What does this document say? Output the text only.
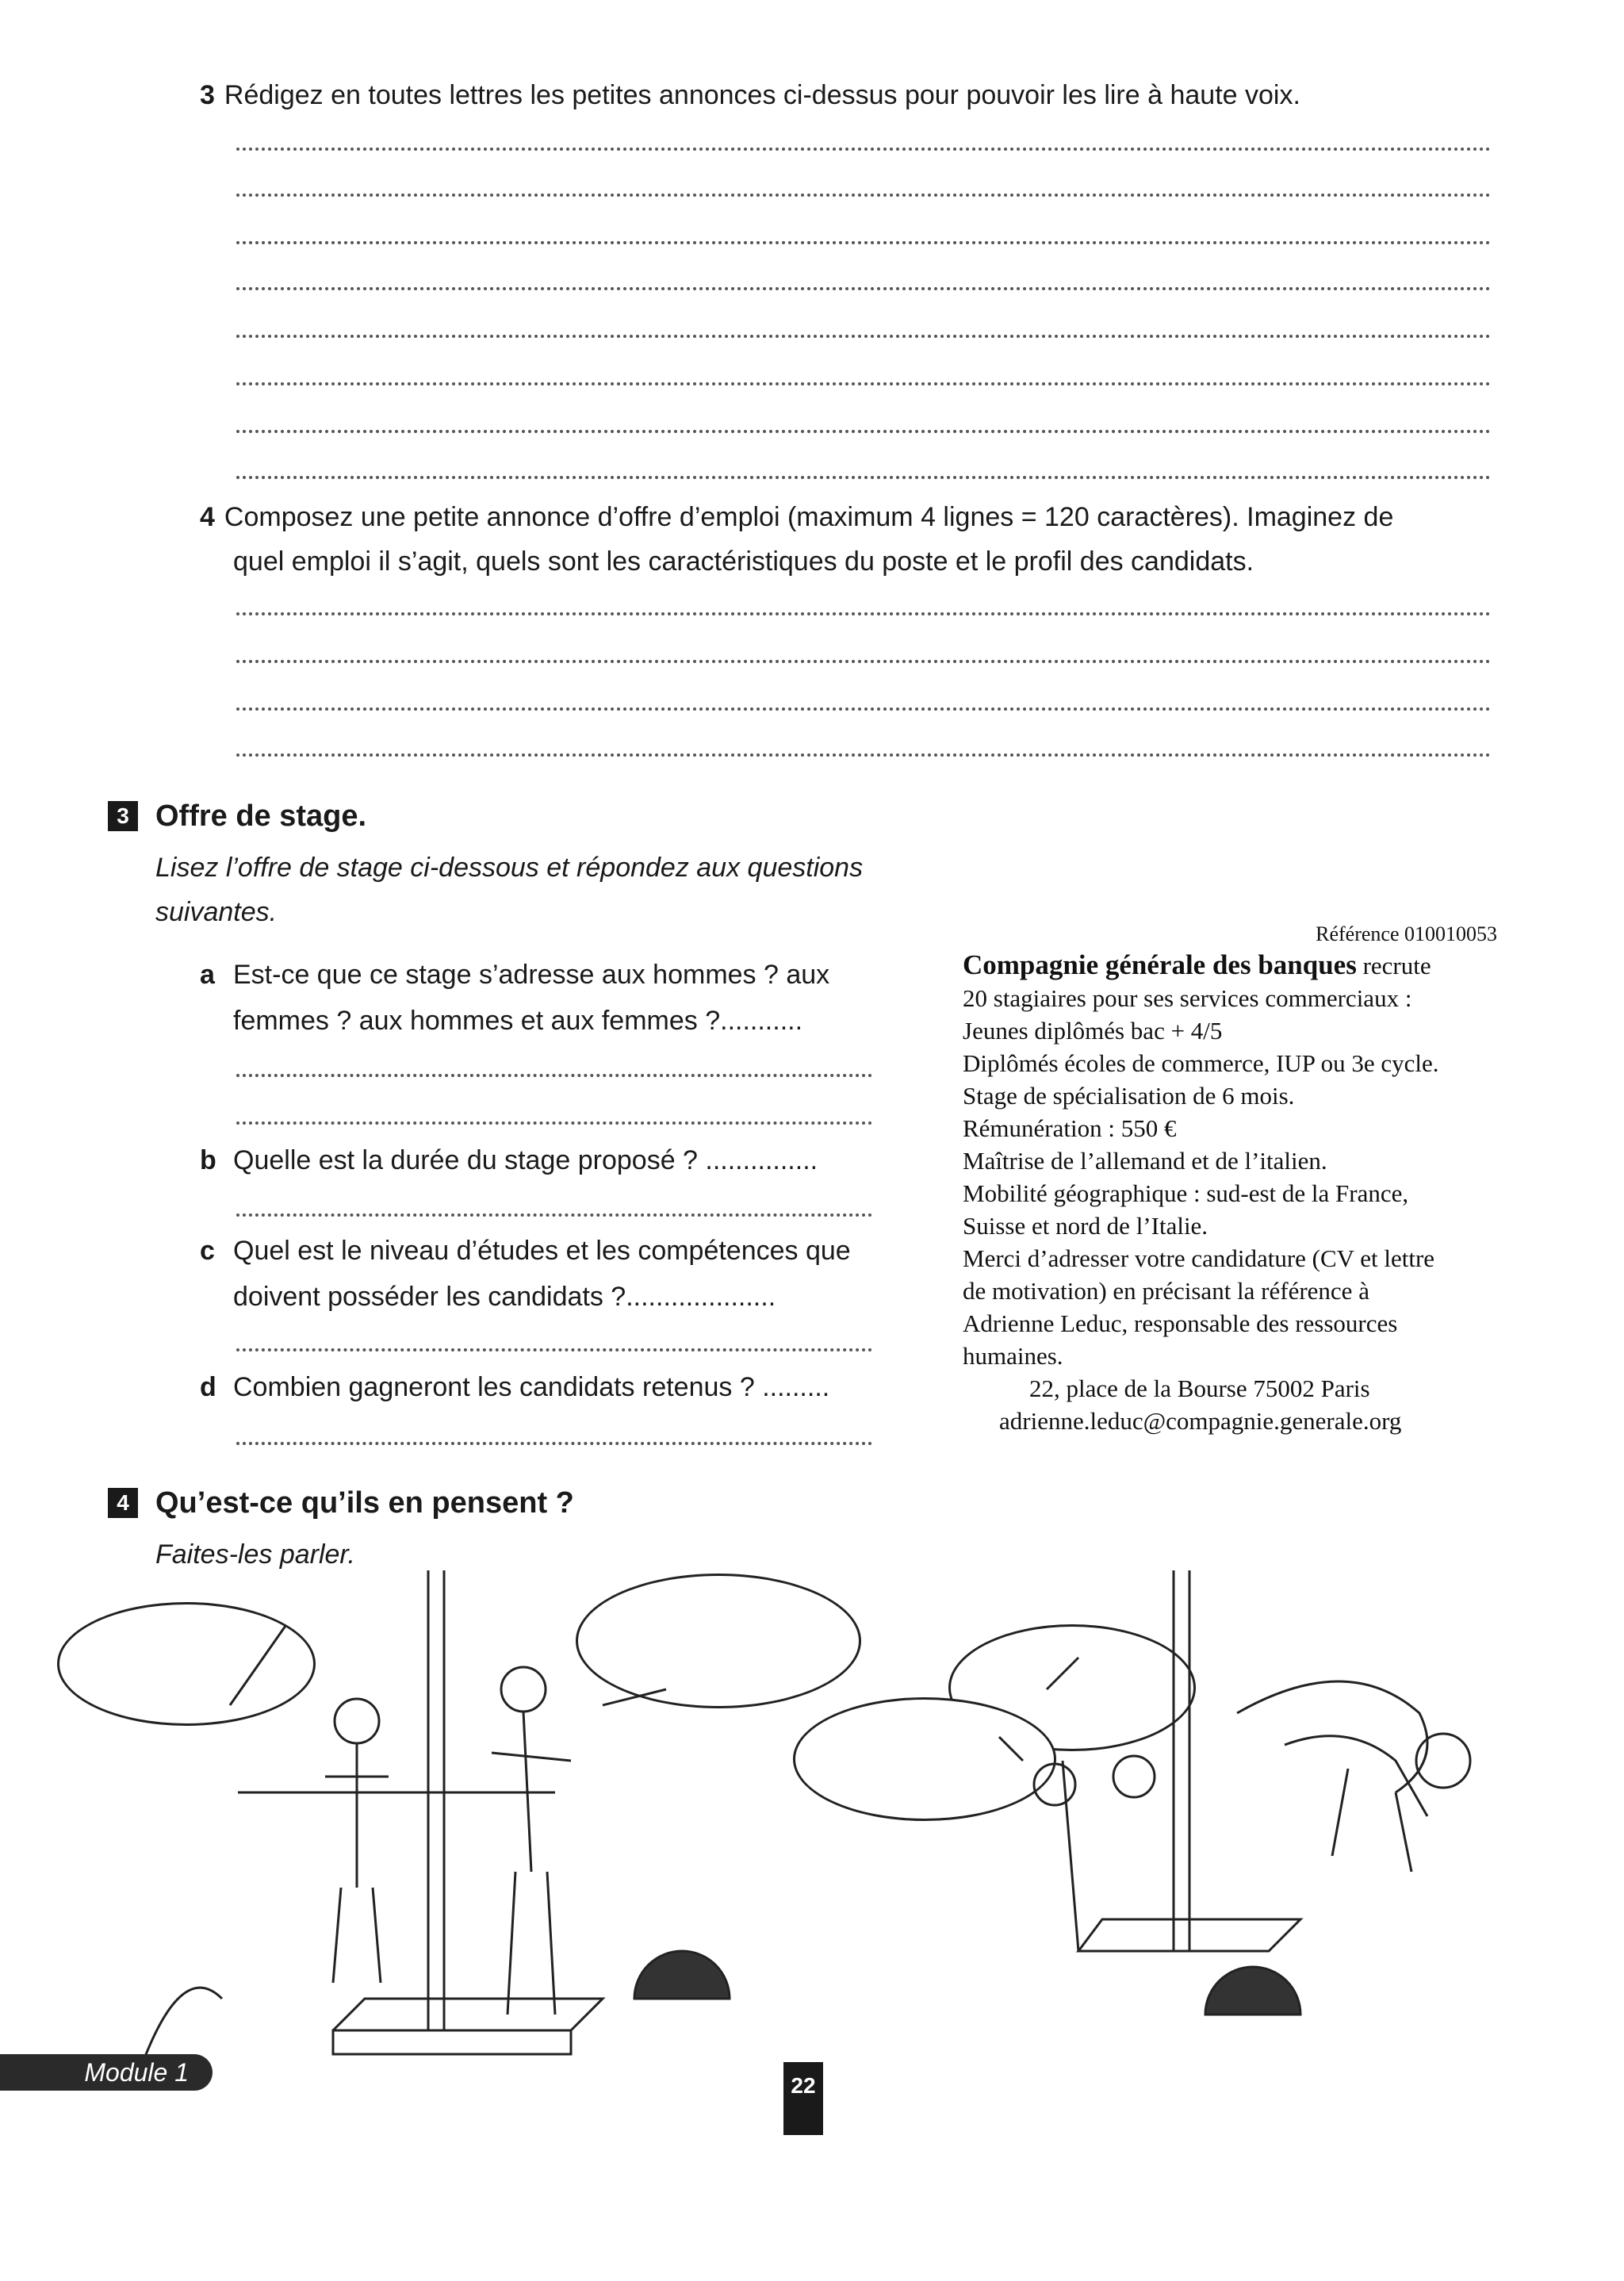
3 Rédigez en toutes lettres les petites annonces ci-dessus pour pouvoir les lire à haute voix.
4 Composez une petite annonce d’offre d’emploi (maximum 4 lignes = 120 caractères). Imaginez de
quel emploi il s’agit, quels sont les caractéristiques du poste et le profil des candidats.
3 Offre de stage.
Lisez l’offre de stage ci-dessous et répondez aux questions
suivantes.
a Est-ce que ce stage s’adresse aux hommes ? aux
femmes ? aux hommes et aux femmes ?...........
b Quelle est la durée du stage proposé ? ...............
c Quel est le niveau d’études et les compétences que
doivent posséder les candidats ?....................
d Combien gagneront les candidats retenus ? .........
Référence 010010053
Compagnie générale des banques recrute
20 stagiaires pour ses services commerciaux :
Jeunes diplômés bac + 4/5
Diplômés écoles de commerce, IUP ou 3e cycle.
Stage de spécialisation de 6 mois.
Rémunération : 550 €
Maîtrise de l’allemand et de l’italien.
Mobilité géographique : sud-est de la France,
Suisse et nord de l’Italie.
Merci d’adresser votre candidature (CV et lettre
de motivation) en précisant la référence à
Adrienne Leduc, responsable des ressources
humaines.
22, place de la Bourse 75002 Paris
adrienne.leduc@compagnie.generale.org
4 Qu’est-ce qu’ils en pensent ?
Faites-les parler.
Module 1	22
